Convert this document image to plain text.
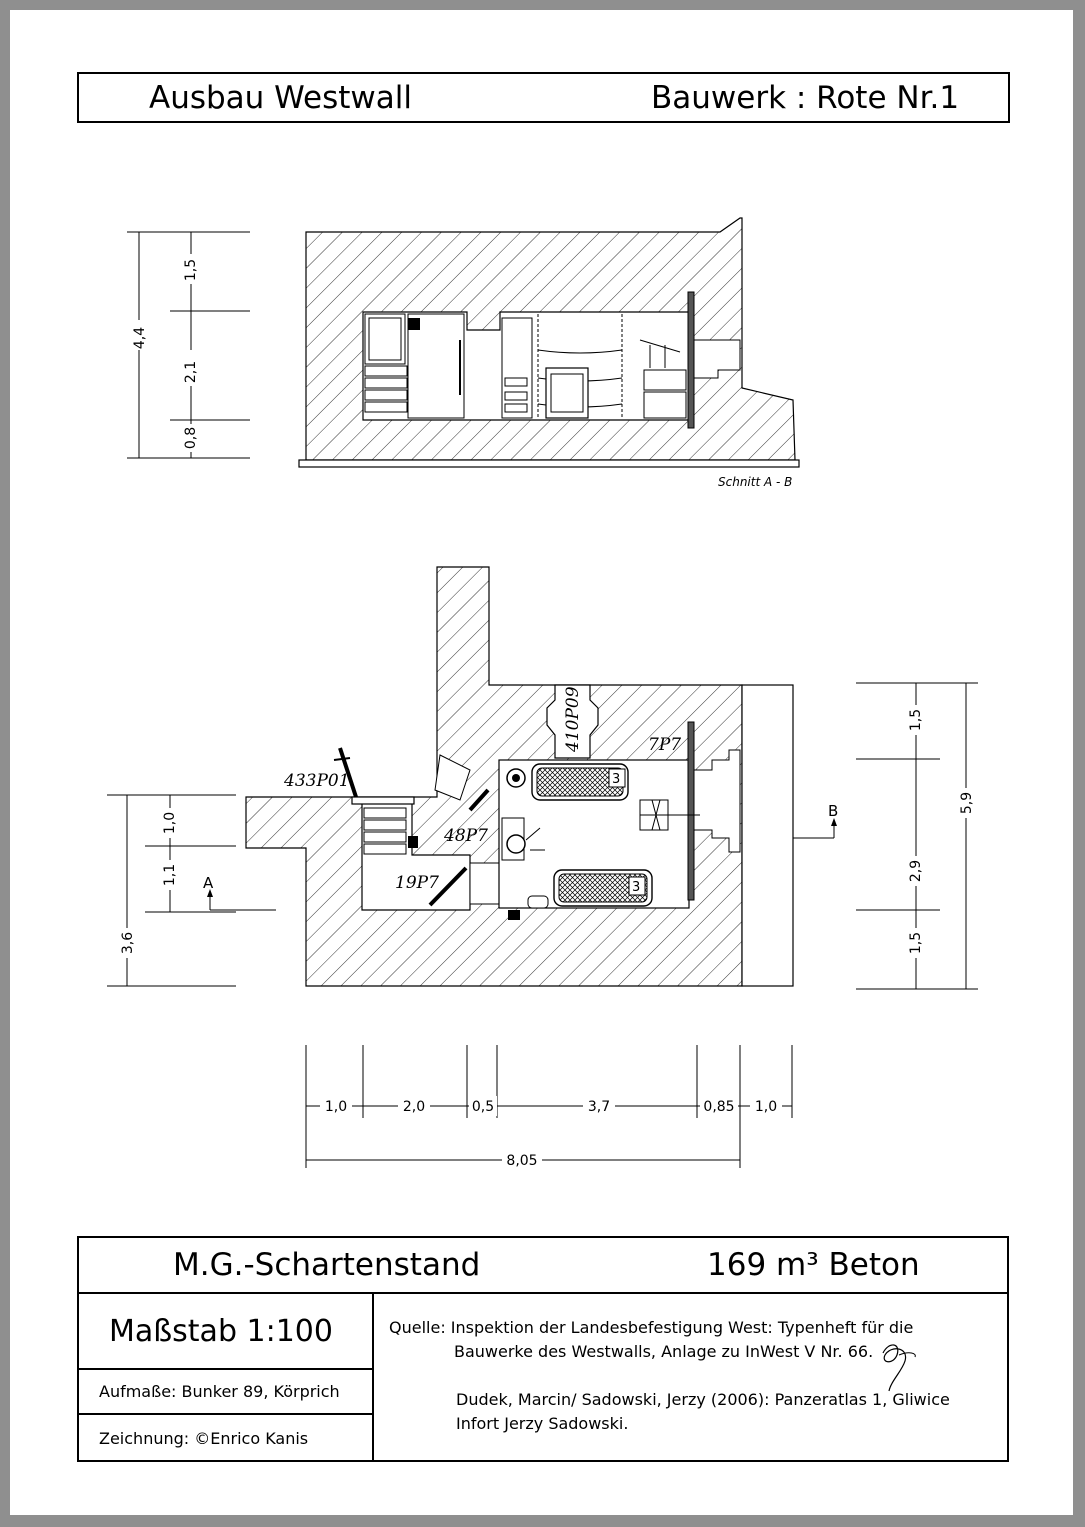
Ausbau Westwall	Bauwerk : Rote Nr.1
4,4
1,5
2,1
0,8
Schnitt A - B
3
3
433P01
410P09	7P7
48P7
19P7
A
B
3,6
1,0
1,1
1,5
2,9
1,5
5,9
1,0	2,0	0,5	3,7	0,85 1,0
8,05
M.G.-Schartenstand	169 m³ Beton
Maßstab 1:100
Aufmaße: Bunker 89, Körprich
Zeichnung: ©Enrico Kanis
Quelle: Inspektion der Landesbefestigung West: Typenheft für die
Bauwerke des Westwalls, Anlage zu InWest V Nr. 66.
Dudek, Marcin/ Sadowski, Jerzy (2006): Panzeratlas 1, Gliwice
Infort Jerzy Sadowski.
